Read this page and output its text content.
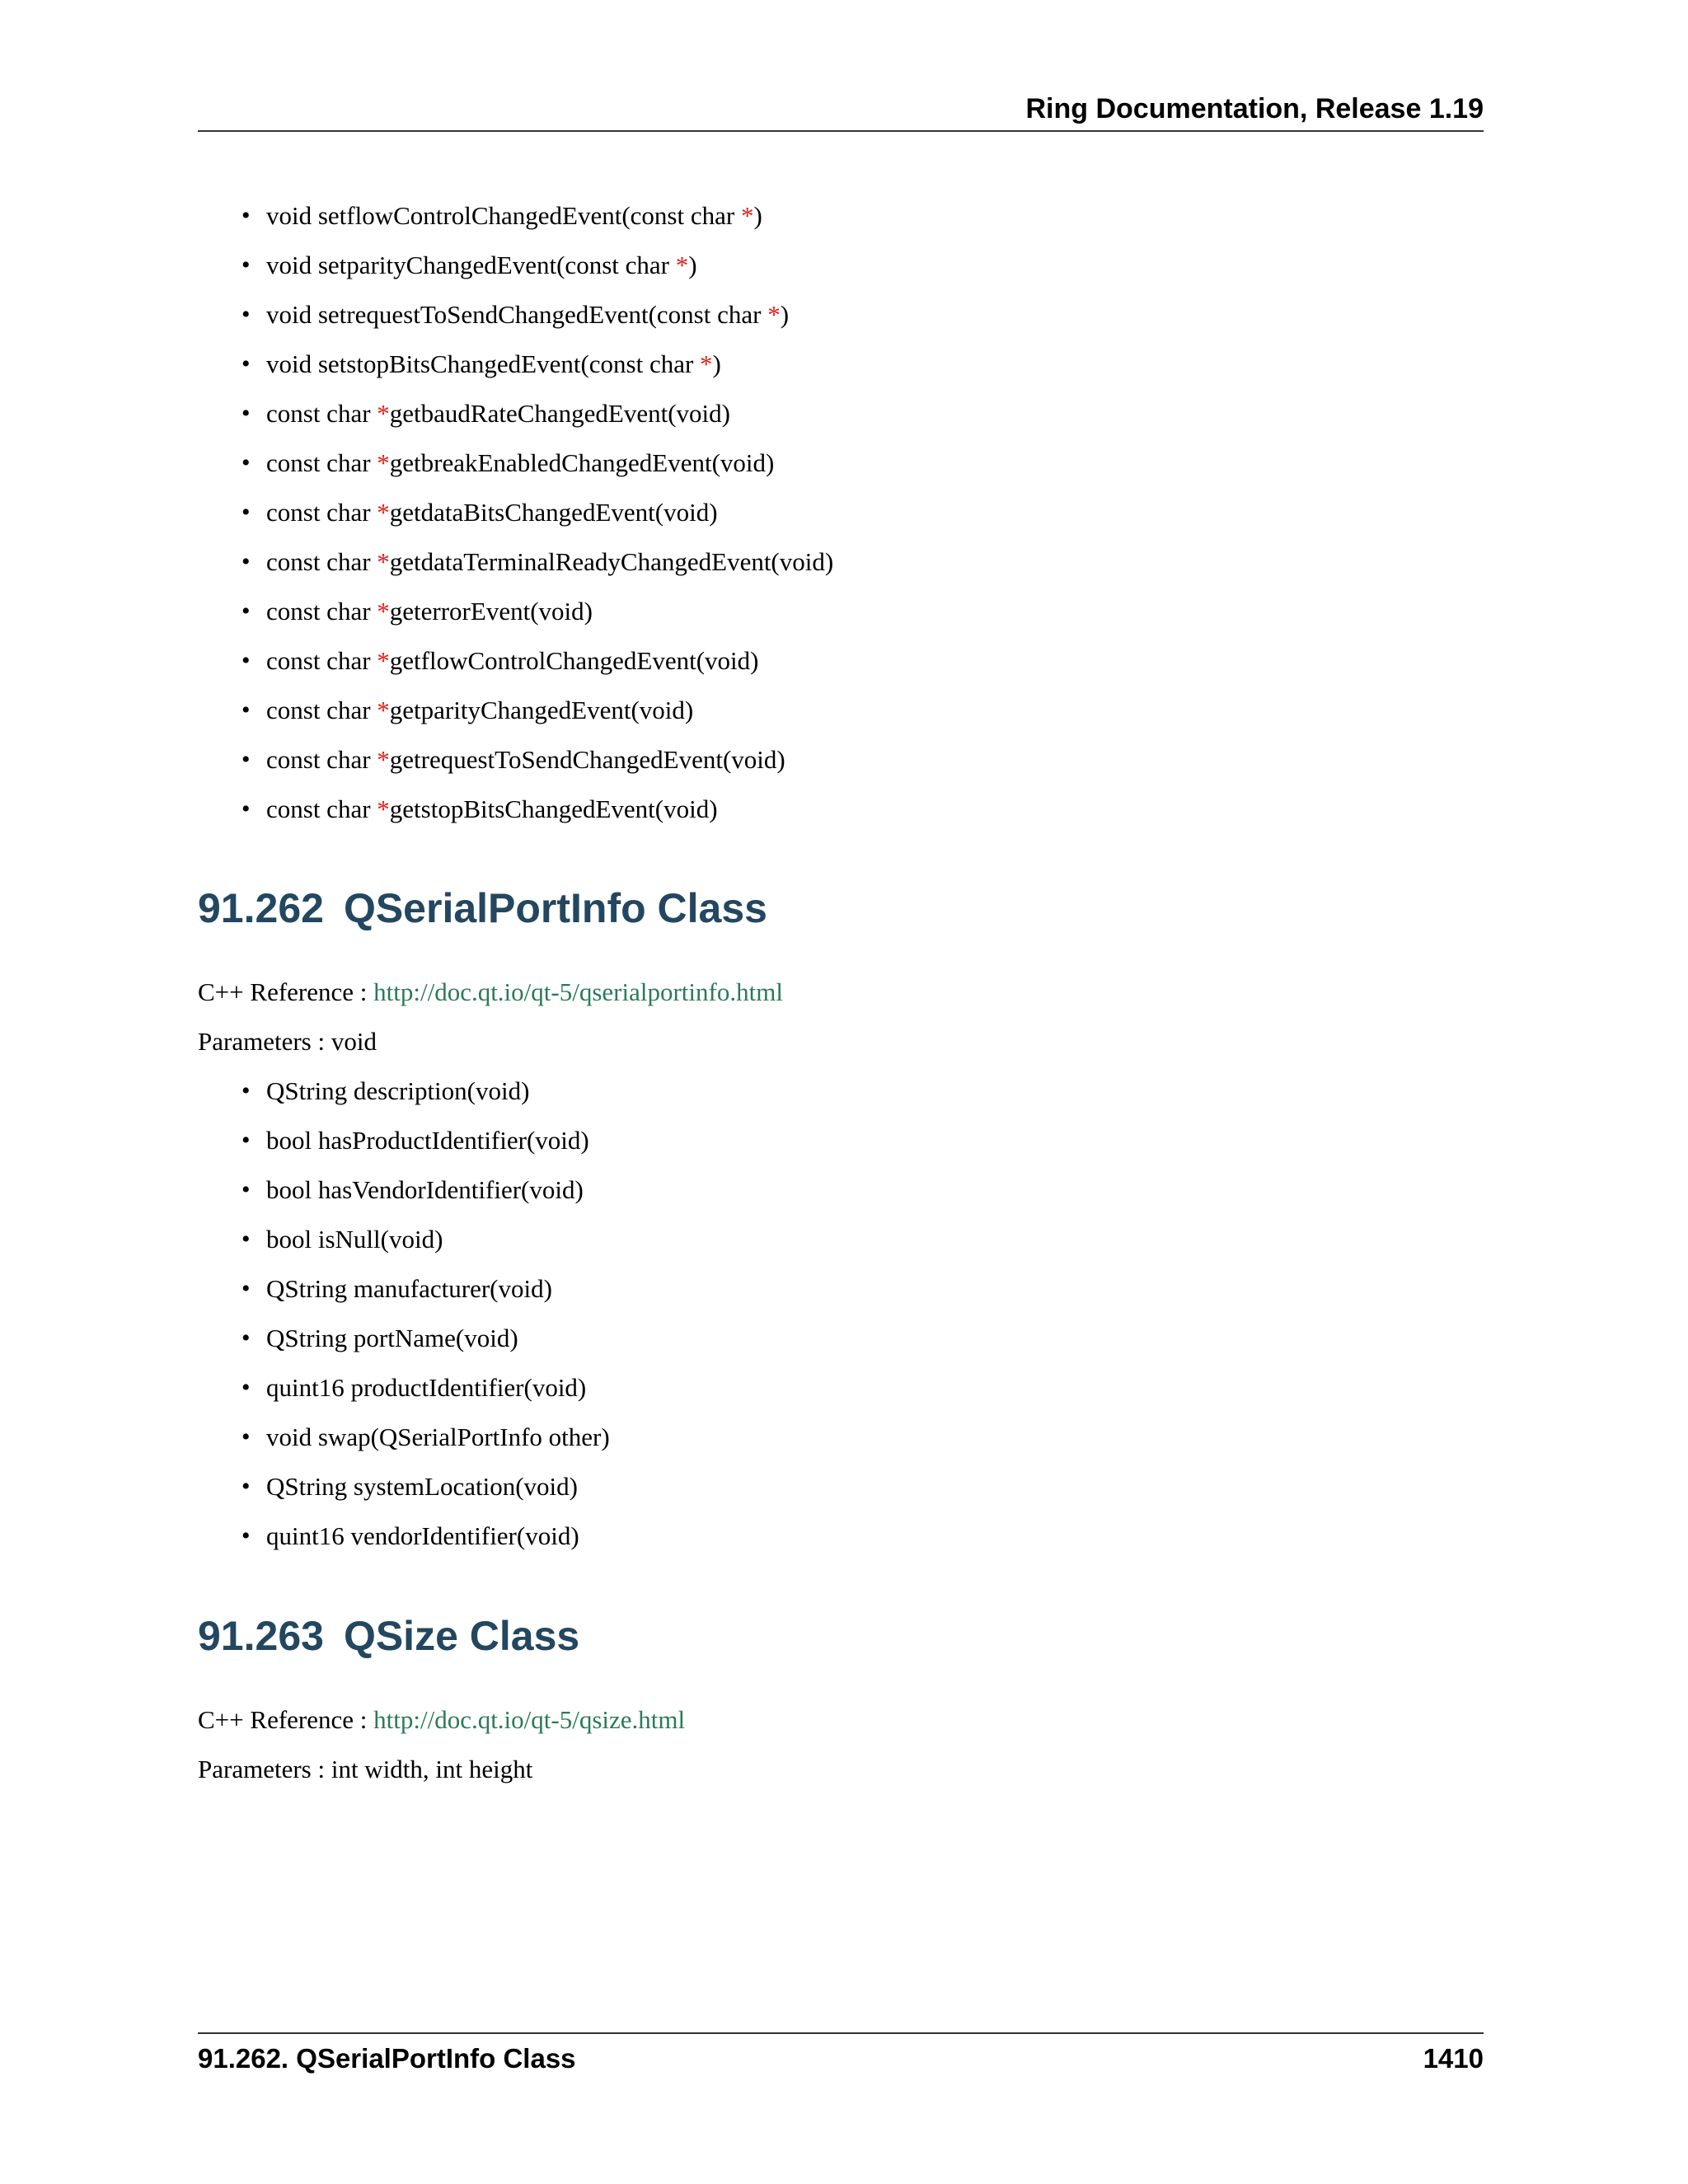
Ring Documentation, Release 1.19
• void setflowControlChangedEvent(const char *)
• void setparityChangedEvent(const char *)
• void setrequestToSendChangedEvent(const char *)
• void setstopBitsChangedEvent(const char *)
• const char *getbaudRateChangedEvent(void)
• const char *getbreakEnabledChangedEvent(void)
• const char *getdataBitsChangedEvent(void)
• const char *getdataTerminalReadyChangedEvent(void)
• const char *geterrorEvent(void)
• const char *getflowControlChangedEvent(void)
• const char *getparityChangedEvent(void)
• const char *getrequestToSendChangedEvent(void)
• const char *getstopBitsChangedEvent(void)
91.262 QSerialPortInfo Class
C++ Reference : http://doc.qt.io/qt-5/qserialportinfo.html
Parameters : void
• QString description(void)
• bool hasProductIdentifier(void)
• bool hasVendorIdentifier(void)
• bool isNull(void)
• QString manufacturer(void)
• QString portName(void)
• quint16 productIdentifier(void)
• void swap(QSerialPortInfo other)
• QString systemLocation(void)
• quint16 vendorIdentifier(void)
91.263 QSize Class
C++ Reference : http://doc.qt.io/qt-5/qsize.html
Parameters : int width, int height
91.262. QSerialPortInfo Class	1410
